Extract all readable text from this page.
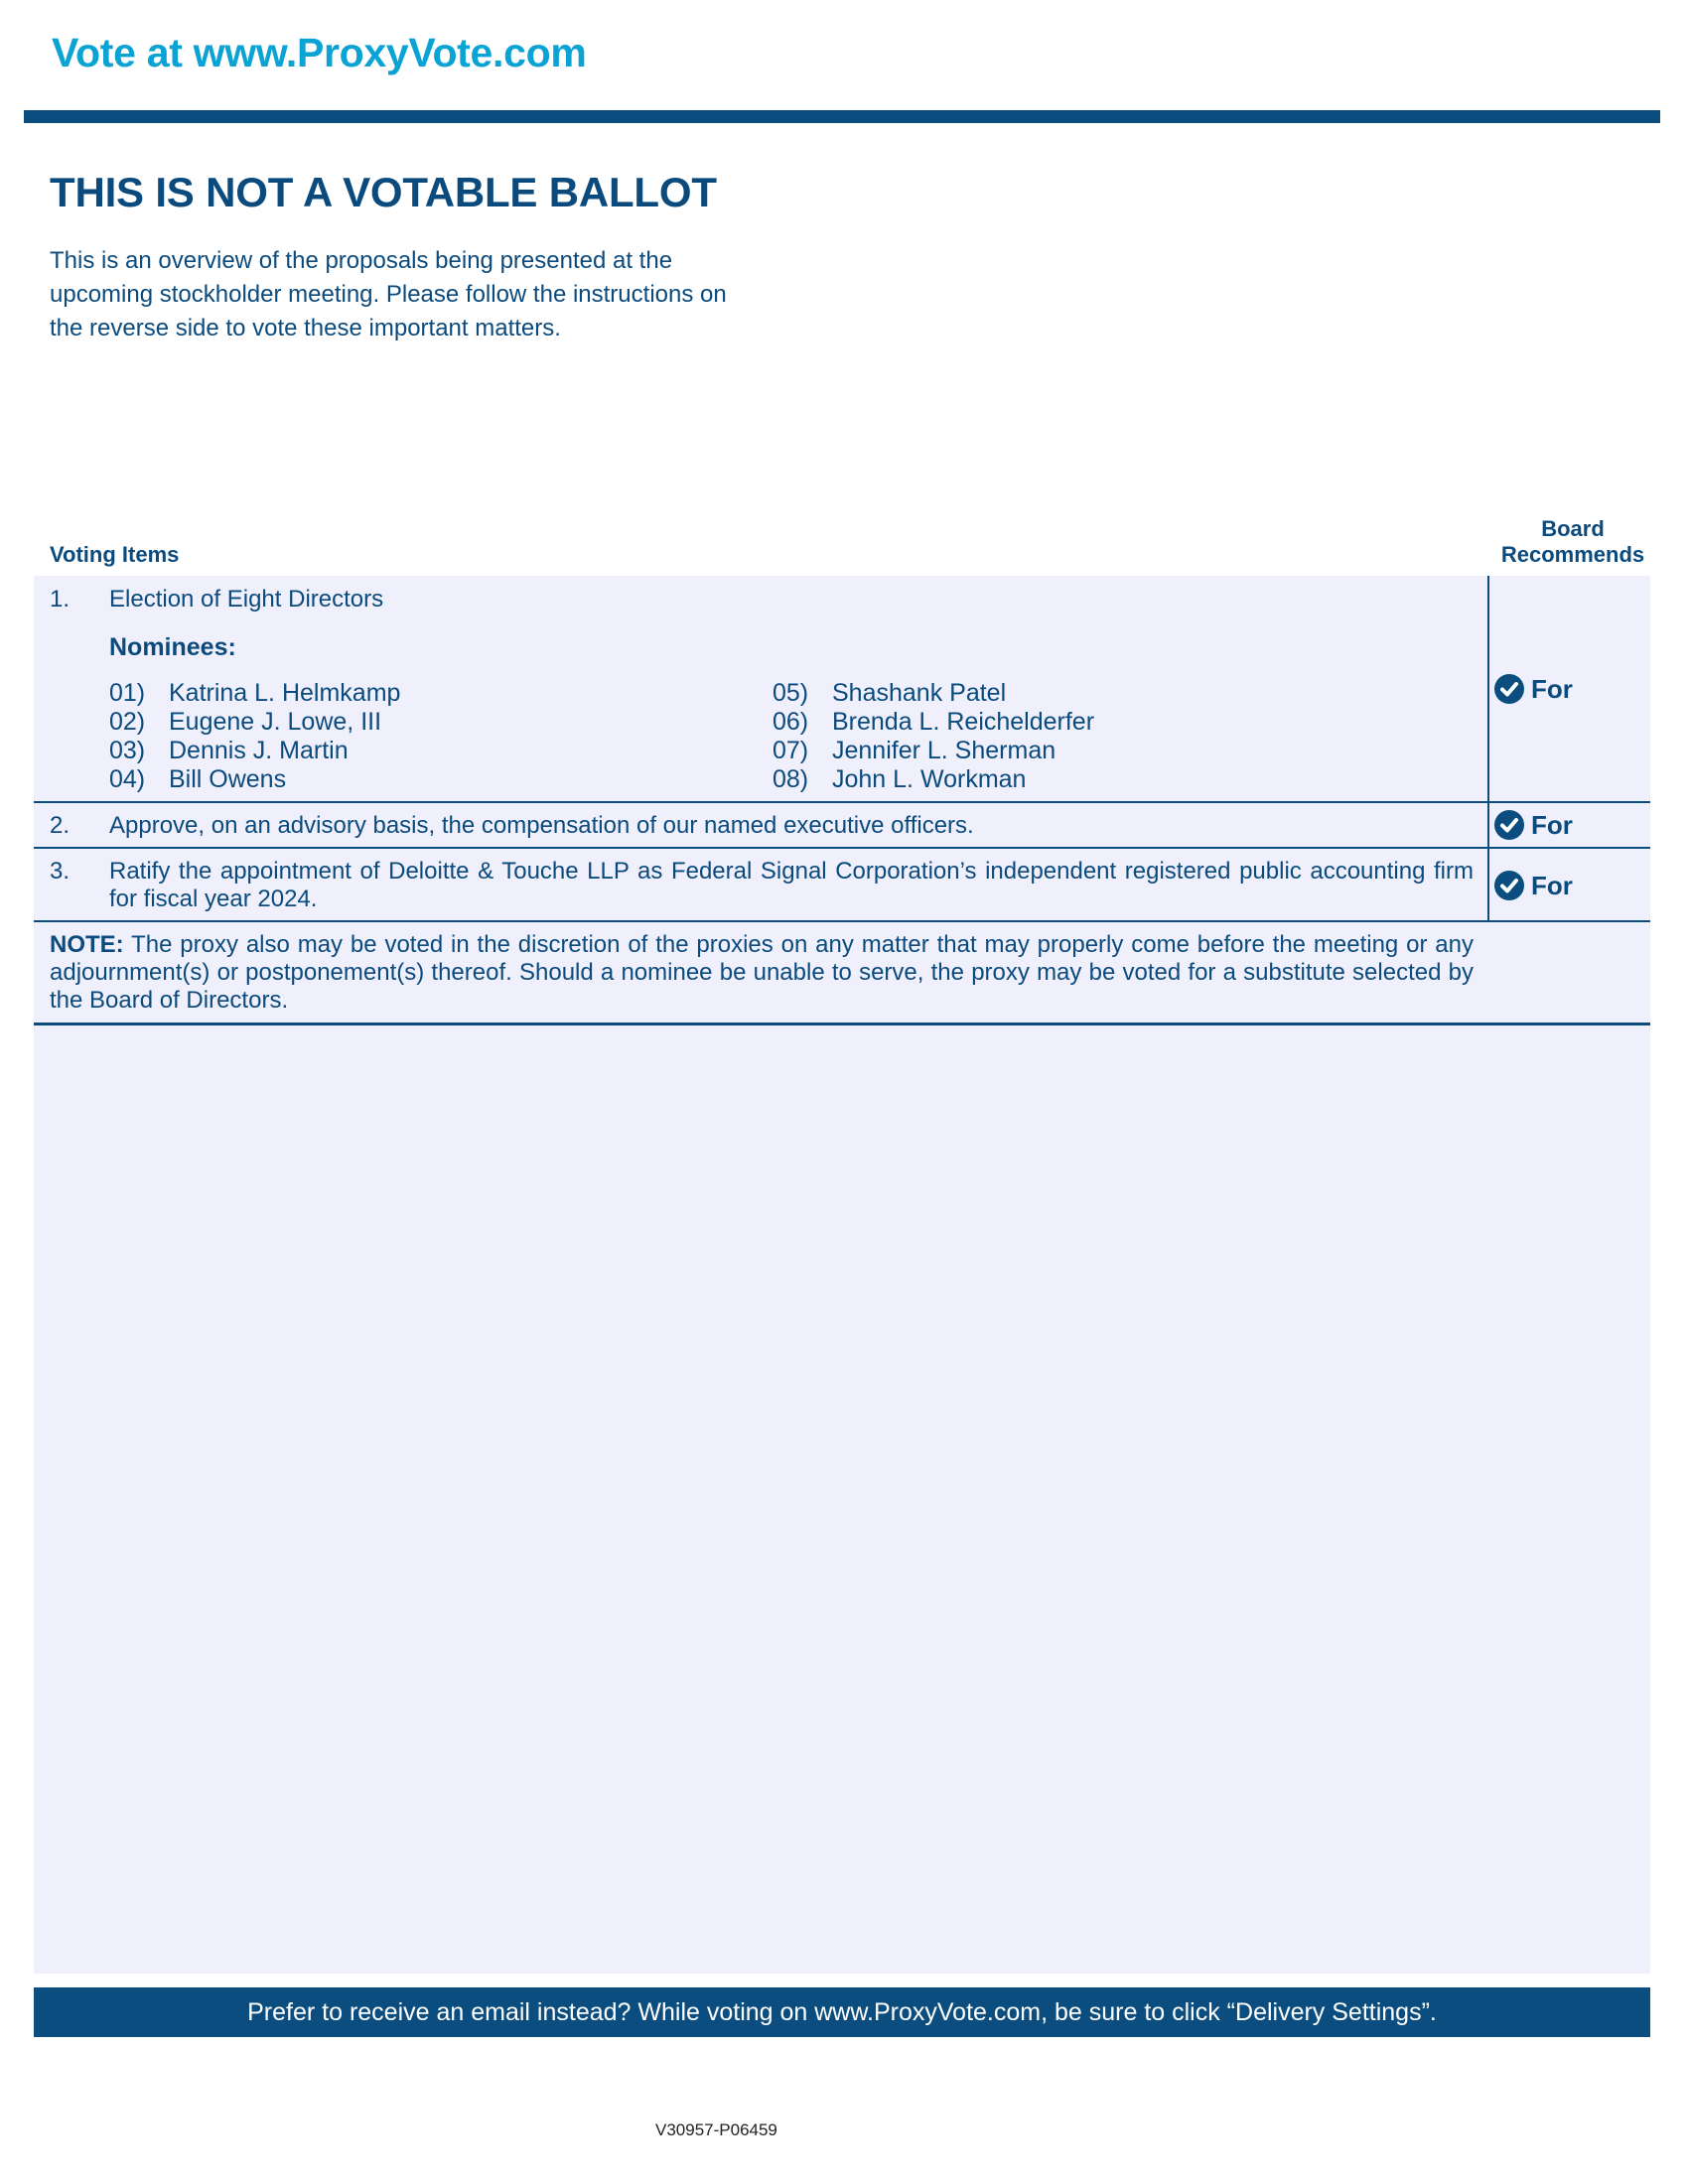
Vote at www.ProxyVote.com
THIS IS NOT A VOTABLE BALLOT
This is an overview of the proposals being presented at the
upcoming stockholder meeting. Please follow the instructions on
the reverse side to vote these important matters.
Voting Items
Board
Recommends
1. Election of Eight Directors
Nominees:
01) Katrina L. Helmkamp
02) Eugene J. Lowe, III
03) Dennis J. Martin
04) Bill Owens
05) Shashank Patel
06) Brenda L. Reichelderfer
07) Jennifer L. Sherman
08) John L. Workman
For
2. Approve, on an advisory basis, the compensation of our named executive officers.	For
3. Ratify the appointment of Deloitte & Touche LLP as Federal Signal Corporation’s independent registered public accounting firm for fiscal year 2024.	For
NOTE: The proxy also may be voted in the discretion of the proxies on any matter that may properly come before the meeting or any adjournment(s) or postponement(s) thereof. Should a nominee be unable to serve, the proxy may be voted for a substitute selected by the Board of Directors.
Prefer to receive an email instead? While voting on www.ProxyVote.com, be sure to click “Delivery Settings”.
V30957-P06459
